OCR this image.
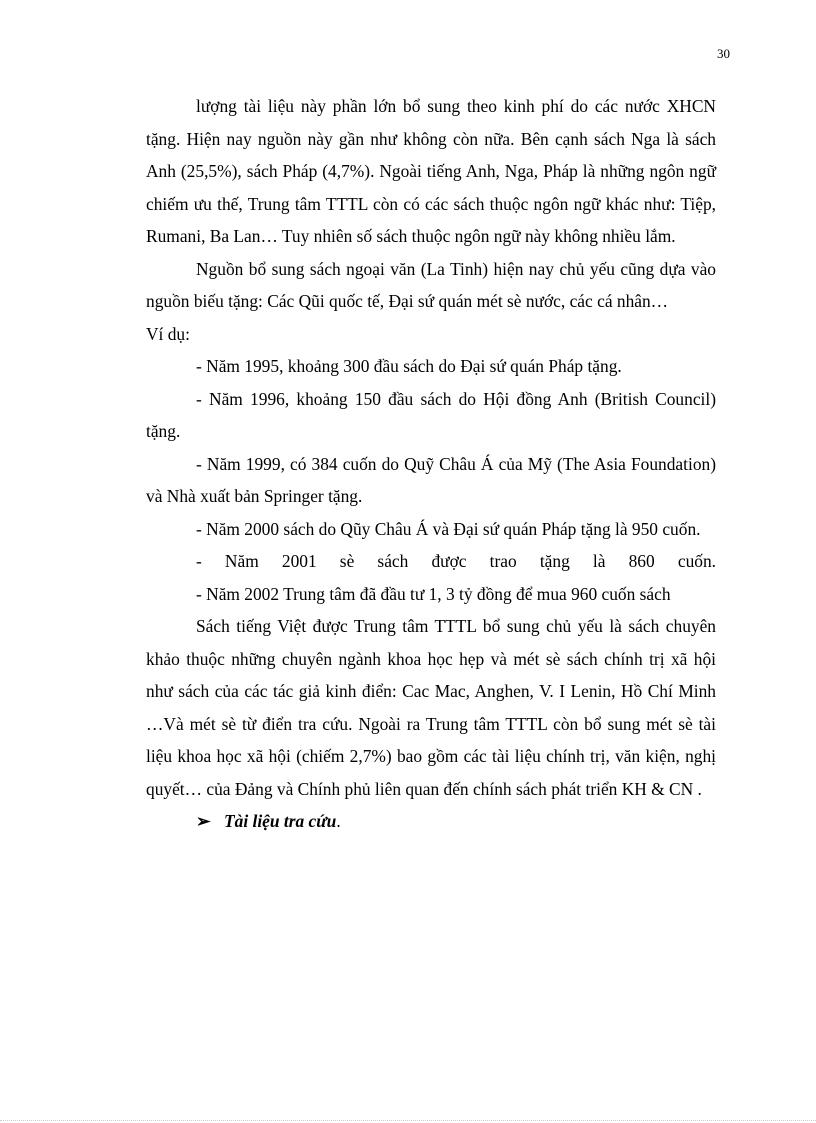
30

lượng tài liệu này phần lớn bổ sung theo kinh phí do các nước XHCN tặng. Hiện nay nguồn này gần như không còn nữa. Bên cạnh sách Nga là sách Anh (25,5%), sách Pháp (4,7%). Ngoài tiếng Anh, Nga, Pháp là những ngôn ngữ chiếm ưu thế, Trung tâm TTTL còn có các sách thuộc ngôn ngữ khác như: Tiệp, Rumani, Ba Lan… Tuy nhiên số sách thuộc ngôn ngữ này không nhiều lắm.

Nguồn bổ sung sách ngoại văn (La Tinh) hiện nay chủ yếu cũng dựa vào nguồn biếu tặng: Các Qũi quốc tế, Đại sứ quán mét sè nước, các cá nhân…

Ví dụ:

- Năm 1995, khoảng 300 đầu sách do Đại sứ quán Pháp tặng.

- Năm 1996, khoảng 150 đầu sách do Hội đồng Anh (British Council) tặng.

- Năm 1999, có 384 cuốn do Quỹ Châu Á của Mỹ (The Asia Foundation) và Nhà xuất bản Springer tặng.

- Năm 2000 sách do Qũy Châu Á và Đại sứ quán Pháp tặng là 950 cuốn.

- Năm 2001 sè sách được trao tặng là 860 cuốn.

- Năm 2002 Trung tâm đã đầu tư 1, 3 tỷ đồng để mua 960 cuốn sách

Sách tiếng Việt được Trung tâm TTTL bổ sung chủ yếu là sách chuyên khảo thuộc những chuyên ngành khoa học hẹp và mét sè sách chính trị xã hội như sách của các tác giả kinh điển: Cac Mac, Anghen, V. I Lenin, Hồ Chí Minh …Và mét sè từ điển tra cứu. Ngoài ra Trung tâm TTTL còn bổ sung mét sè tài liệu khoa học xã hội (chiếm 2,7%) bao gồm các tài liệu chính trị, văn kiện, nghị quyết… của Đảng và Chính phủ liên quan đến chính sách phát triển KH & CN .

➢ Tài liệu tra cứu.
